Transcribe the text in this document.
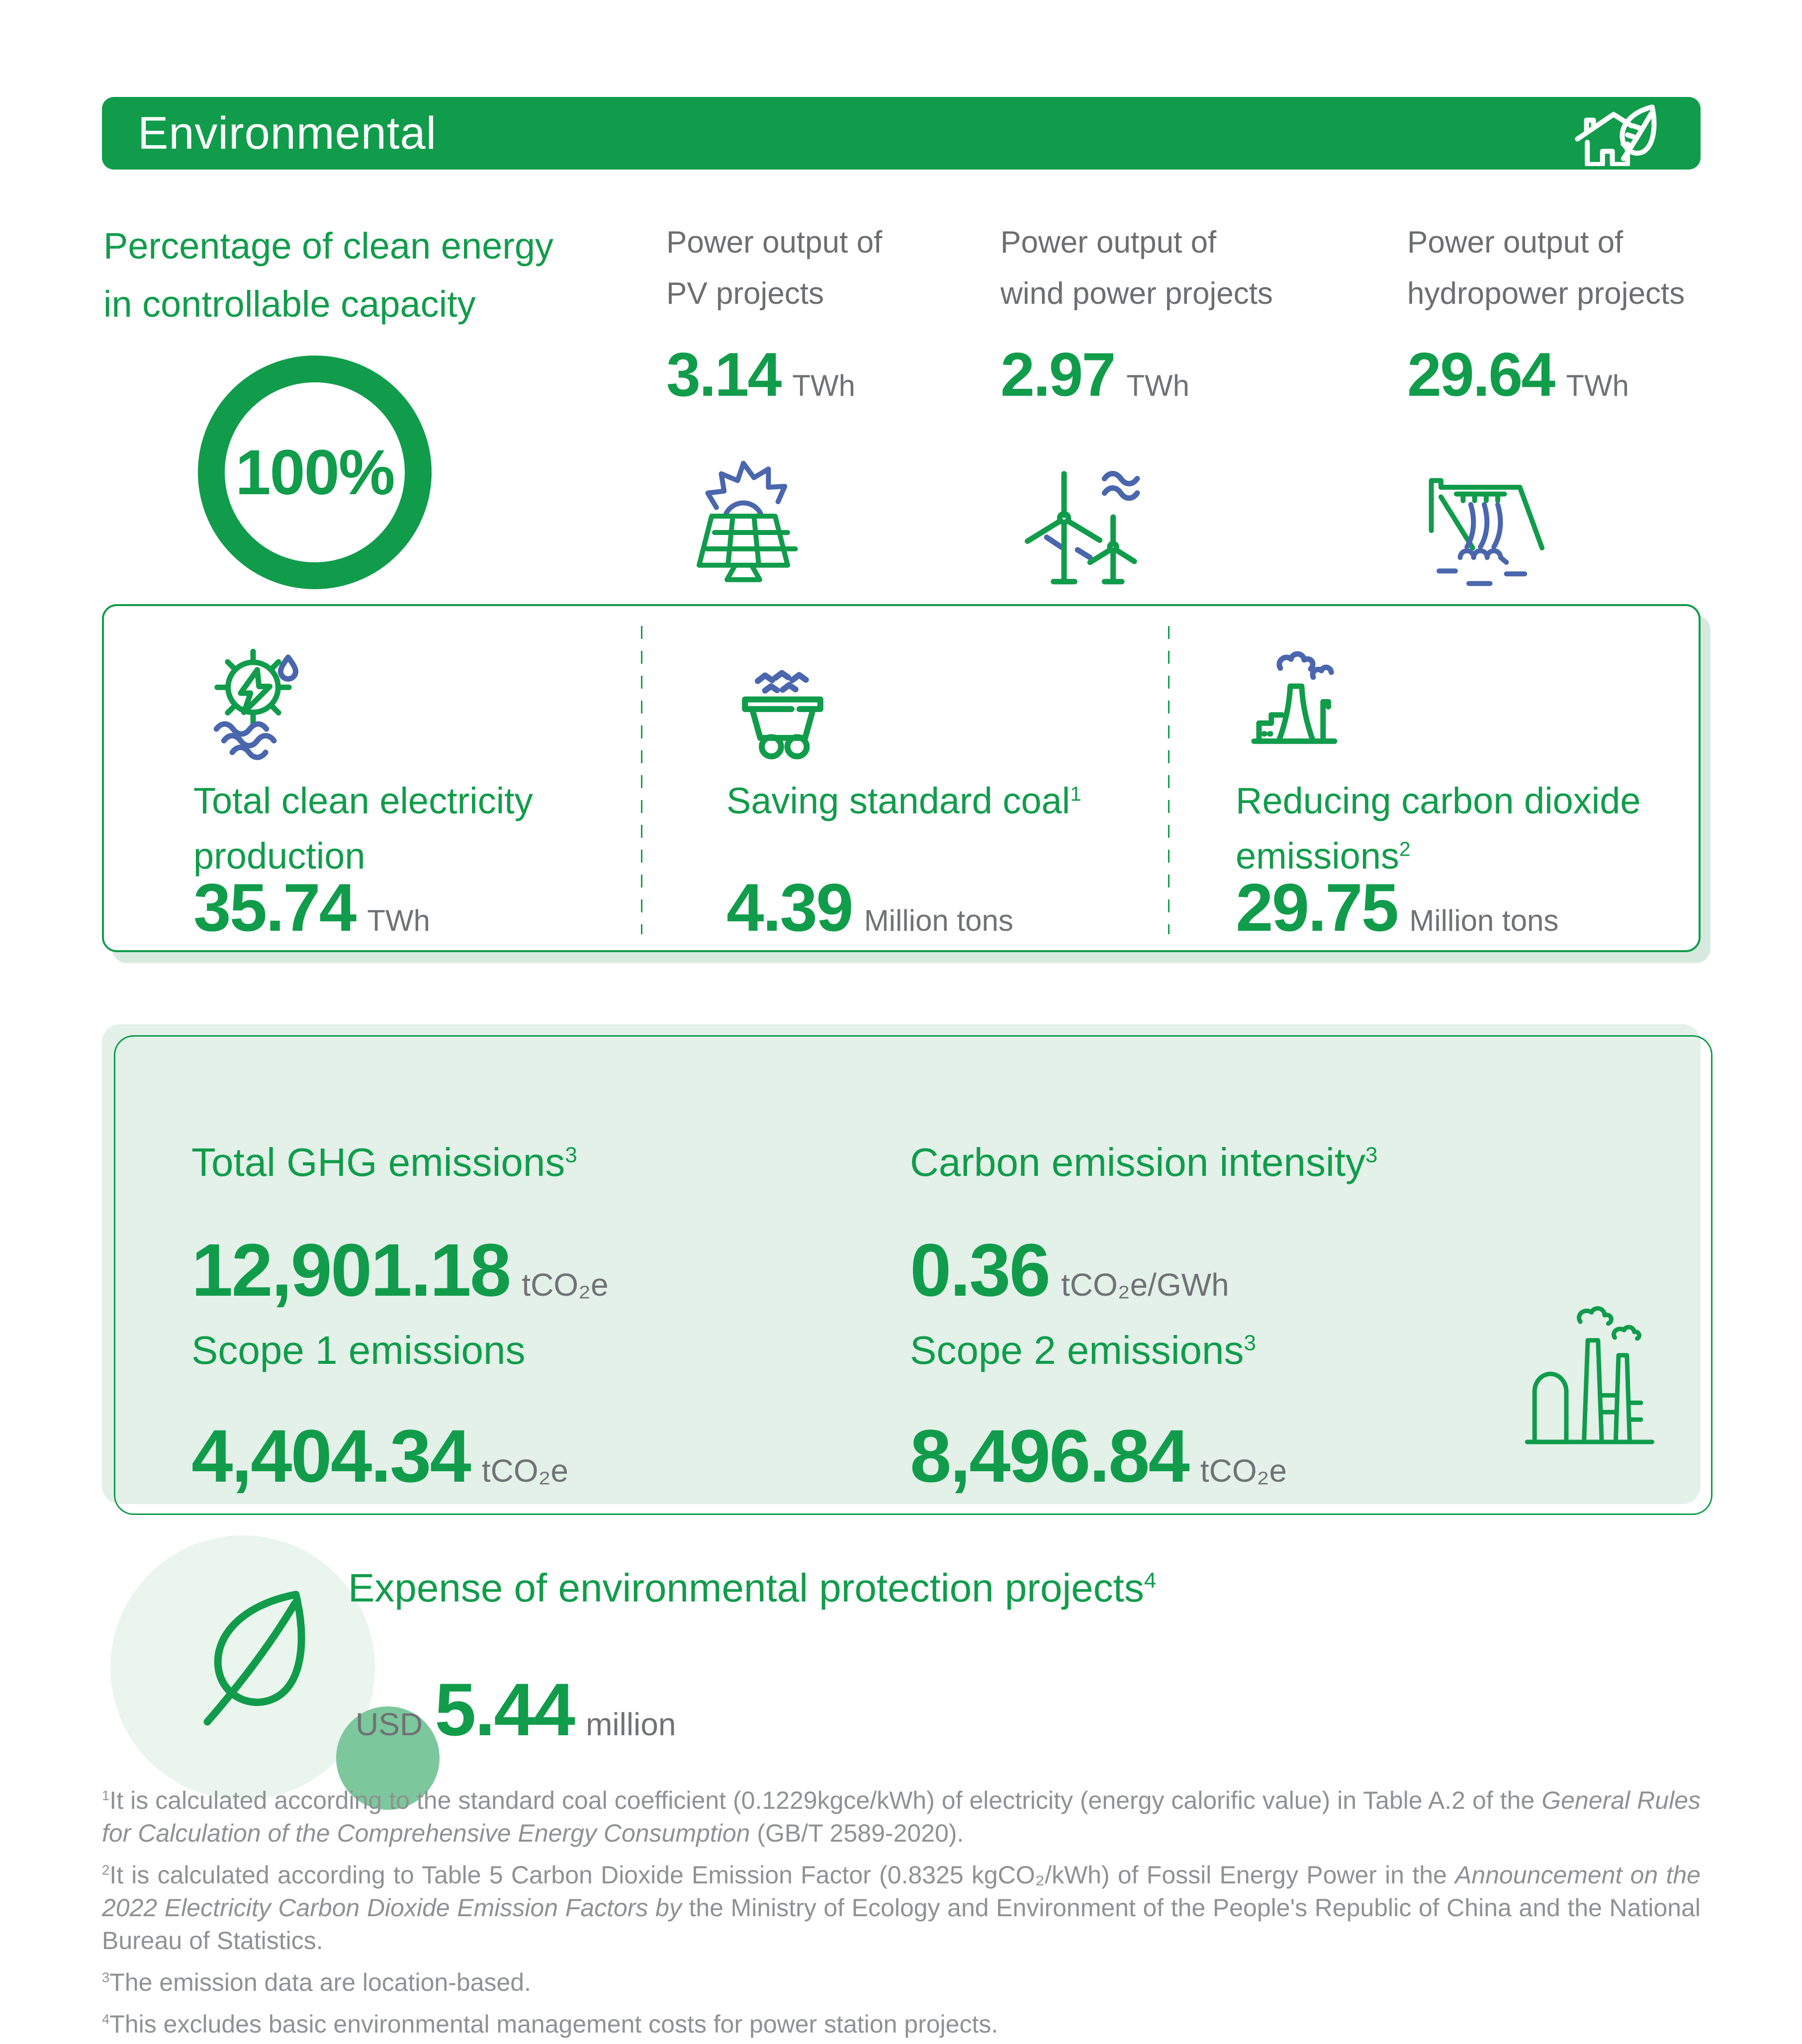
Environmental
Percentage of clean energy
in controllable capacity
100%
Power output of
PV projects
3.14 TWh
Power output of
wind power projects
2.97 TWh
Power output of
hydropower projects
29.64 TWh
Total clean electricity
production
35.74 TWh
Saving standard coal$^1$
4.39 Million tons
Reducing carbon dioxide
emissions$^2$
29.75 Million tons
Total GHG emissions$^3$
12,901.18 tCO₂e
Carbon emission intensity$^3$
0.36 tCO₂e/GWh
Scope 1 emissions
4,404.34 tCO₂e
Scope 2 emissions$^3$
8,496.84 tCO₂e
Expense of environmental protection projects$^4$
USD 5.44 million

$^1$It is calculated according to the standard coal coefficient (0.1229kgce/kWh) of electricity (energy calorific value) in Table A.2 of the General Rules for Calculation of the Comprehensive Energy Consumption (GB/T 2589-2020).

$^2$It is calculated according to Table 5 Carbon Dioxide Emission Factor (0.8325 kgCO₂/kWh) of Fossil Energy Power in the Announcement on the 2022 Electricity Carbon Dioxide Emission Factors by the Ministry of Ecology and Environment of the People's Republic of China and the National Bureau of Statistics.

$^3$The emission data are location-based.

$^4$This excludes basic environmental management costs for power station projects.
